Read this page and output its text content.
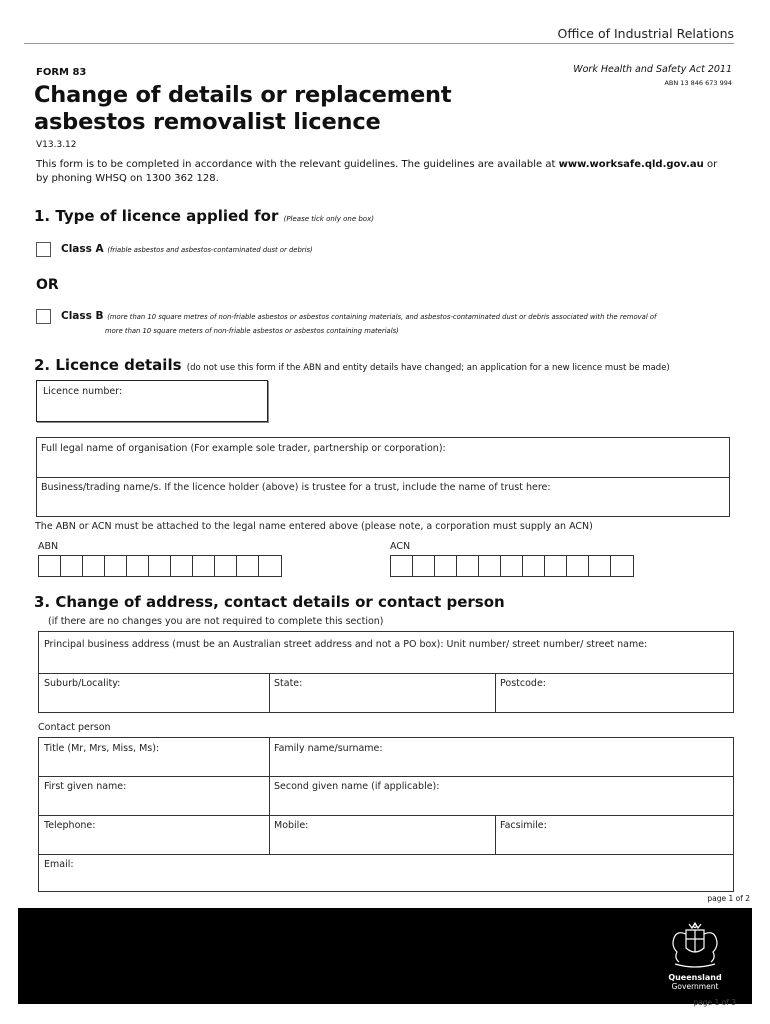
Office of Industrial Relations
FORM 83	Work Health and Safety Act 2011
ABN 13 846 673 994
Change of details or replacement
asbestos removalist licence
V13.3.12
This form is to be completed in accordance with the relevant guidelines. The guidelines are available at www.worksafe.qld.gov.au or by phoning WHSQ on 1300 362 128.
1. Type of licence applied for (Please tick only one box)
Class A (friable asbestos and asbestos-contaminated dust or debris)
OR
Class B (more than 10 square metres of non-friable asbestos or asbestos containing materials, and asbestos-contaminated dust or debris associated with the removal of
more than 10 square meters of non-friable asbestos or asbestos containing materials)
2. Licence details (do not use this form if the ABN and entity details have changed; an application for a new licence must be made)
Licence number:
Full legal name of organisation (For example sole trader, partnership or corporation):
Business/trading name/s. If the licence holder (above) is trustee for a trust, include the name of trust here:
The ABN or ACN must be attached to the legal name entered above (please note, a corporation must supply an ACN)
ABN	ACN
3. Change of address, contact details or contact person
(if there are no changes you are not required to complete this section)
Principal business address (must be an Australian street address and not a PO box): Unit number/ street number/ street name:
Suburb/Locality:	State:	Postcode:
Contact person
Title (Mr, Mrs, Miss, Ms):	Family name/surname:
First given name:	Second given name (if applicable):
Telephone:	Mobile:	Facsimile:
Email:
page 1 of 2
Queensland
Government
page 1 of 3
